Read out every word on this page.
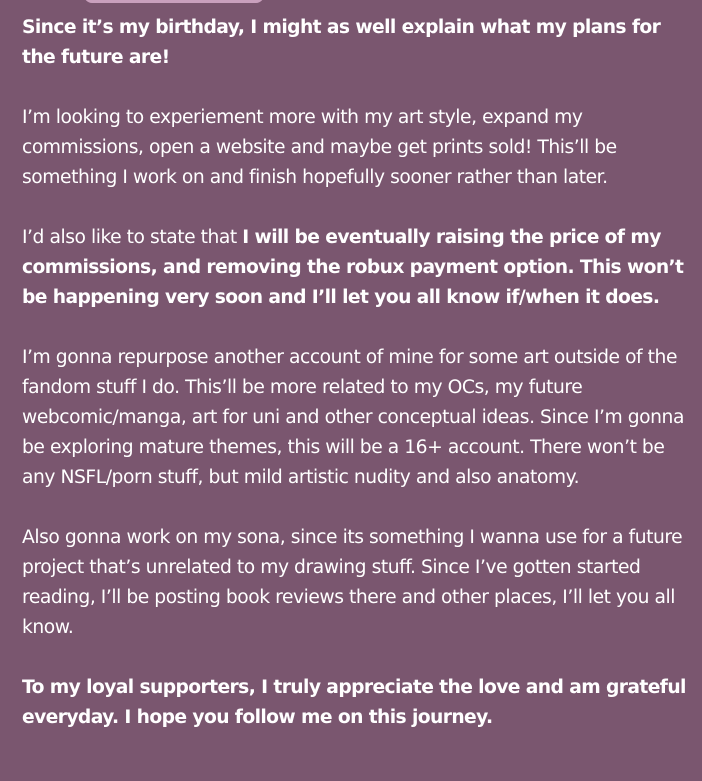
Since it’s my birthday, I might as well explain what my plans for the future are!

I’m looking to experiement more with my art style, expand my commissions, open a website and maybe get prints sold! This’ll be something I work on and finish hopefully sooner rather than later.

I’d also like to state that I will be eventually raising the price of my commissions, and removing the robux payment option. This won’t be happening very soon and I’ll let you all know if/when it does.

I’m gonna repurpose another account of mine for some art outside of the fandom stuff I do. This’ll be more related to my OCs, my future webcomic/manga, art for uni and other conceptual ideas. Since I’m gonna be exploring mature themes, this will be a 16+ account. There won’t be any NSFL/porn stuff, but mild artistic nudity and also anatomy.

Also gonna work on my sona, since its something I wanna use for a future project that’s unrelated to my drawing stuff. Since I’ve gotten started reading, I’ll be posting book reviews there and other places, I’ll let you all know.

To my loyal supporters, I truly appreciate the love and am grateful everyday. I hope you follow me on this journey.
